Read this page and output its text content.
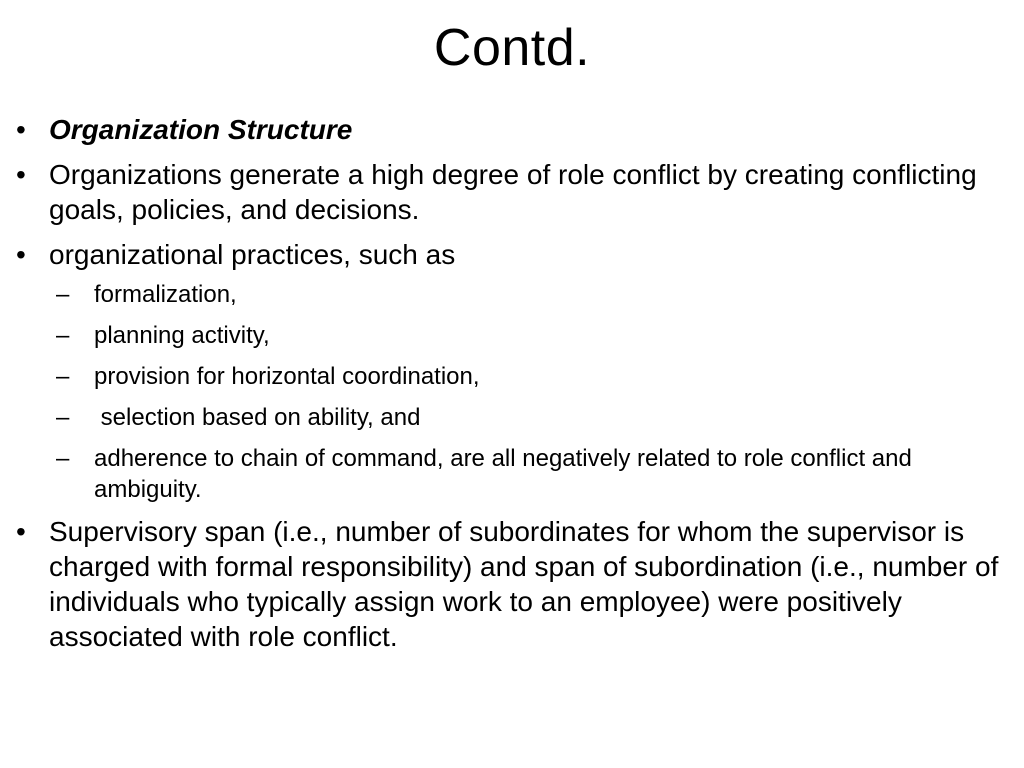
Contd.
• Organization Structure
• Organizations generate a high degree of role conflict by creating conflicting goals, policies, and decisions.
• organizational practices, such as
–	formalization,
–	planning activity,
–	provision for horizontal coordination,
–	selection based on ability, and
–	adherence to chain of command, are all negatively related to role conflict and ambiguity.
• Supervisory span (i.e., number of subordinates for whom the supervisor is charged with formal responsibility) and span of subordination (i.e., number of individuals who typically assign work to an employee) were positively associated with role conflict.
